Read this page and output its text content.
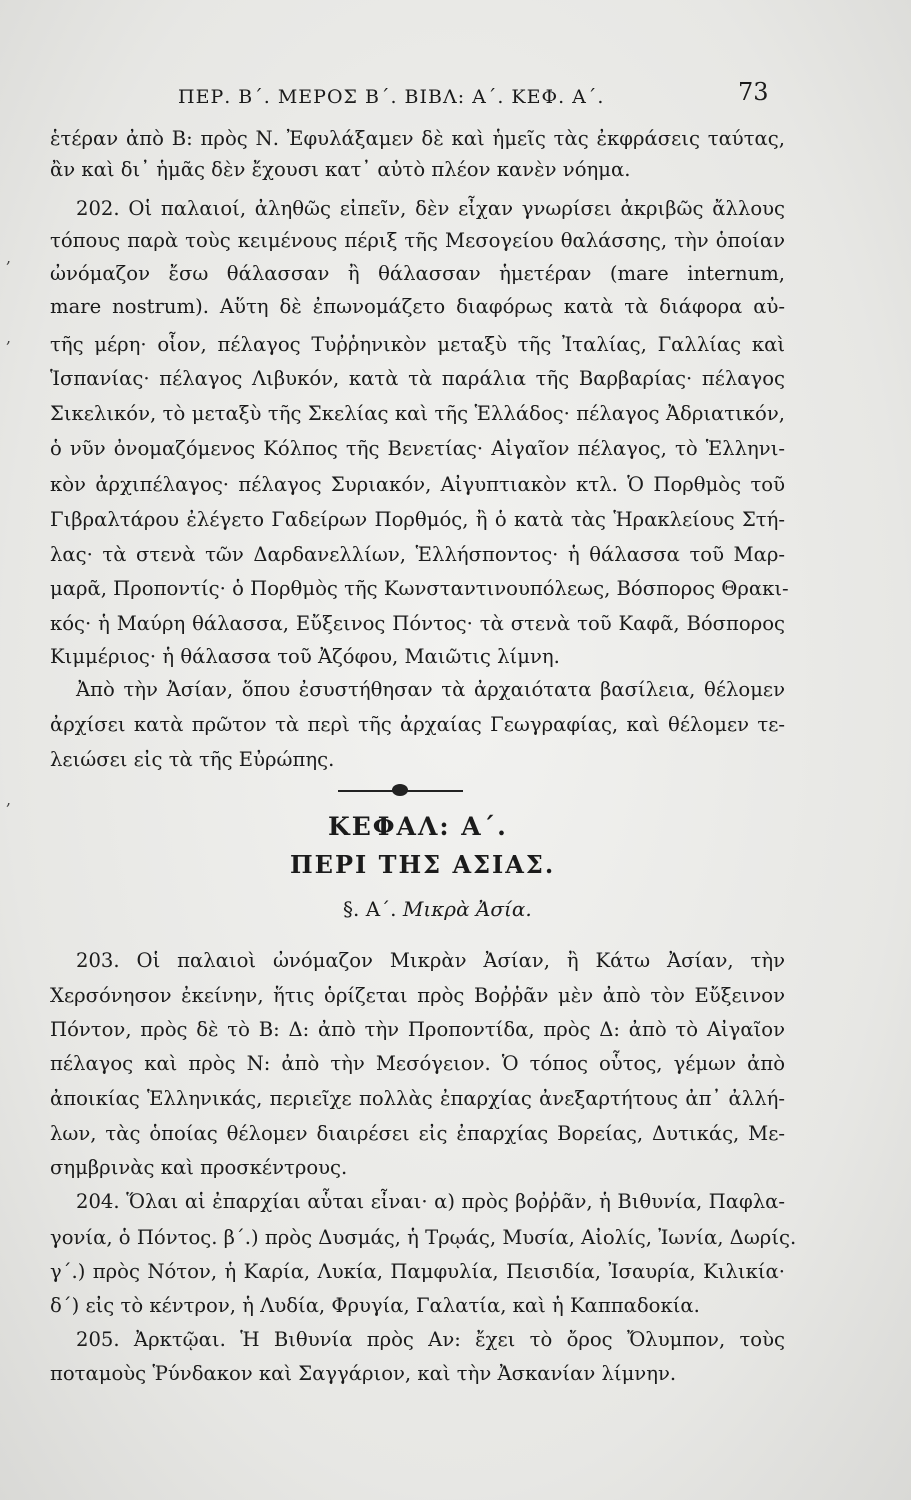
ΠΕΡ. Β΄. ΜΕΡΟΣ Β΄. ΒΙΒΛ: Α΄. ΚΕΦ. Α΄.	73
ἑτέραν ἀπὸ Β: πρὸς Ν. Ἐφυλάξαμεν δὲ καὶ ἡμεῖς τὰς ἐκφράσεις ταύτας,
ἂν καὶ δι᾽ ἡμᾶς δὲν ἔχουσι κατ᾽ αὐτὸ πλέον κανὲν νόημα.
202. Οἱ παλαιοί, ἀληθῶς εἰπεῖν, δὲν εἶχαν γνωρίσει ἀκριβῶς ἄλλους
τόπους παρὰ τοὺς κειμένους πέριξ τῆς Μεσογείου θαλάσσης, τὴν ὁποίαν
ὠνόμαζον ἔσω θάλασσαν ἢ θάλασσαν ἡμετέραν (mare internum,
mare nostrum). Αὕτη δὲ ἐπωνομάζετο διαφόρως κατὰ τὰ διάφορα αὐ-
τῆς μέρη· οἷον, πέλαγος Τυῤῥηνικὸν μεταξὺ τῆς Ἰταλίας, Γαλλίας καὶ
Ἱσπανίας· πέλαγος Λιβυκόν, κατὰ τὰ παράλια τῆς Βαρβαρίας· πέλαγος
Σικελικόν, τὸ μεταξὺ τῆς Σκελίας καὶ τῆς Ἑλλάδος· πέλαγος Ἀδριατικόν,
ὁ νῦν ὀνομαζόμενος Κόλπος τῆς Βενετίας· Αἰγαῖον πέλαγος, τὸ Ἑλληνι-
κὸν ἀρχιπέλαγος· πέλαγος Συριακόν, Αἰγυπτιακὸν κτλ. Ὁ Πορθμὸς τοῦ
Γιβραλτάρου ἐλέγετο Γαδείρων Πορθμός, ἢ ὁ κατὰ τὰς Ἡρακλείους Στή-
λας· τὰ στενὰ τῶν Δαρδανελλίων, Ἑλλήσποντος· ἡ θάλασσα τοῦ Μαρ-
μαρᾶ, Προποντίς· ὁ Πορθμὸς τῆς Κωνσταντινουπόλεως, Βόσπορος Θρακι-
κός· ἡ Μαύρη θάλασσα, Εὔξεινος Πόντος· τὰ στενὰ τοῦ Καφᾶ, Βόσπορος
Κιμμέριος· ἡ θάλασσα τοῦ Ἀζόφου, Μαιῶτις λίμνη.
Ἀπὸ τὴν Ἀσίαν, ὅπου ἐσυστήθησαν τὰ ἀρχαιότατα βασίλεια, θέλομεν
ἀρχίσει κατὰ πρῶτον τὰ περὶ τῆς ἀρχαίας Γεωγραφίας, καὶ θέλομεν τε-
λειώσει εἰς τὰ τῆς Εὐρώπης.
ΚΕΦΑΛ: Α΄.
ΠΕΡΙ ΤΗΣ ΑΣΙΑΣ.
§. Α΄. Μικρὰ Ἀσία.
203. Οἱ παλαιοὶ ὠνόμαζον Μικρὰν Ἀσίαν, ἢ Κάτω Ἀσίαν, τὴν
Χερσόνησον ἐκείνην, ἥτις ὁρίζεται πρὸς Βοῤῥᾶν μὲν ἀπὸ τὸν Εὔξεινον
Πόντον, πρὸς δὲ τὸ Β: Δ: ἀπὸ τὴν Προποντίδα, πρὸς Δ: ἀπὸ τὸ Αἰγαῖον
πέλαγος καὶ πρὸς Ν: ἀπὸ τὴν Μεσόγειον. Ὁ τόπος οὗτος, γέμων ἀπὸ
ἀποικίας Ἑλληνικάς, περιεῖχε πολλὰς ἐπαρχίας ἀνεξαρτήτους ἀπ᾽ ἀλλή-
λων, τὰς ὁποίας θέλομεν διαιρέσει εἰς ἐπαρχίας Βορείας, Δυτικάς, Με-
σημβρινὰς καὶ προσκέντρους.
204. Ὅλαι αἱ ἐπαρχίαι αὗται εἶναι· α) πρὸς βοῤῥᾶν, ἡ Βιθυνία, Παφλα-
γονία, ὁ Πόντος. β΄.) πρὸς Δυσμάς, ἡ Τρῳάς, Μυσία, Αἰολίς, Ἰωνία, Δωρίς.
γ΄.) πρὸς Νότον, ἡ Καρία, Λυκία, Παμφυλία, Πεισιδία, Ἰσαυρία, Κιλικία·
δ΄) εἰς τὸ κέντρον, ἡ Λυδία, Φρυγία, Γαλατία, καὶ ἡ Καππαδοκία.
205. Ἀρκτῷαι. Ἡ Βιθυνία πρὸς Αν: ἔχει τὸ ὄρος Ὄλυμπον, τοὺς
ποταμοὺς Ῥύνδακον καὶ Σαγγάριον, καὶ τὴν Ἀσκανίαν λίμνην.
,
,
,
